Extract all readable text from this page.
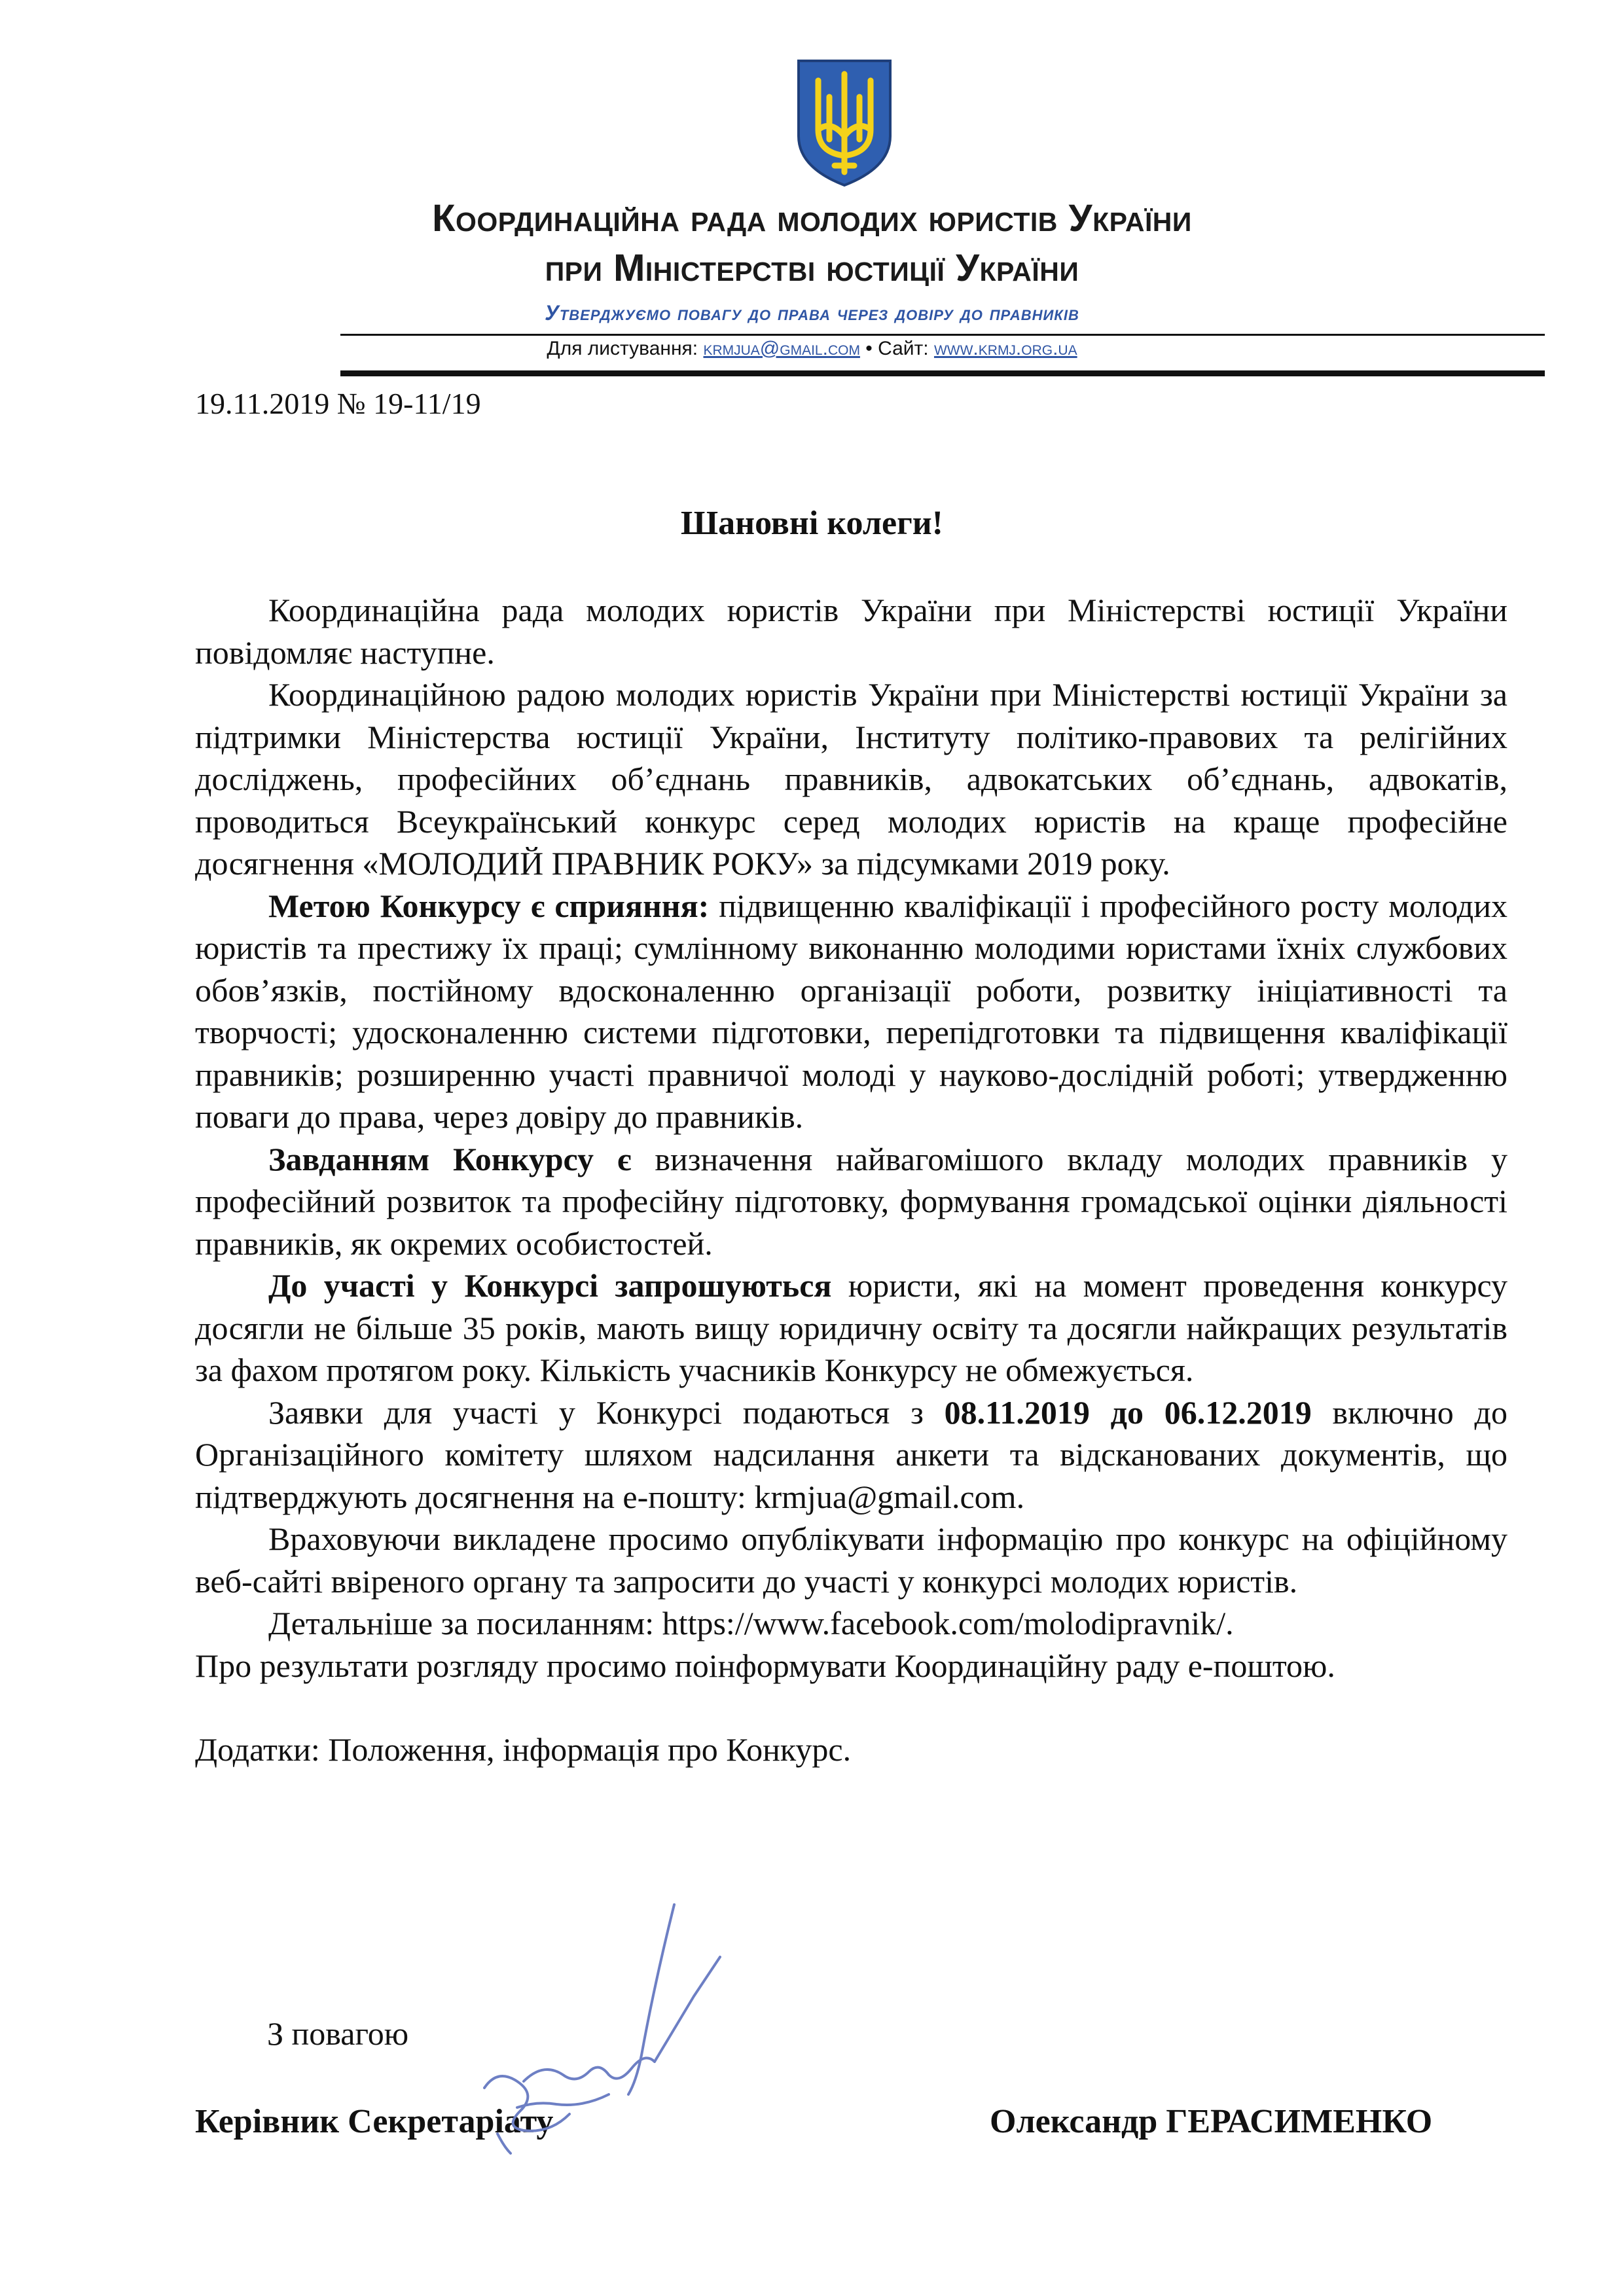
Координаційна рада молодих юристів України
при Міністерстві юстиції України
Утверджуємо повагу до права через довіру до правників
Для листування: krmjua@gmail.com • Сайт: www.krmj.org.ua
19.11.2019 № 19-11/19
Шановні колеги!

Координаційна рада молодих юристів України при Міністерстві юстиції України повідомляє наступне.

Координаційною радою молодих юристів України при Міністерстві юстиції України за підтримки Міністерства юстиції України, Інституту політико-правових та релігійних досліджень, професійних об’єднань правників, адвокатських об’єднань, адвокатів, проводиться Всеукраїнський конкурс серед молодих юристів на краще професійне досягнення «МОЛОДИЙ ПРАВНИК РОКУ» за підсумками 2019 року.

Метою Конкурсу є сприяння: підвищенню кваліфікації і професійного росту молодих юристів та престижу їх праці; сумлінному виконанню молодими юристами їхніх службових обов’язків, постійному вдосконаленню організації роботи, розвитку ініціативності та творчості; удосконаленню системи підготовки, перепідготовки та підвищення кваліфікації правників; розширенню участі правничої молоді у науково-дослідній роботі; утвердженню поваги до права, через довіру до правників.

Завданням Конкурсу є визначення найвагомішого вкладу молодих правників у професійний розвиток та професійну підготовку, формування громадської оцінки діяльності правників, як окремих особистостей.

До участі у Конкурсі запрошуються юристи, які на момент проведення конкурсу досягли не більше 35 років, мають вищу юридичну освіту та досягли найкращих результатів за фахом протягом року. Кількість учасників Конкурсу не обмежується.

Заявки для участі у Конкурсі подаються з 08.11.2019 до 06.12.2019 включно до Організаційного комітету шляхом надсилання анкети та відсканованих документів, що підтверджують досягнення на е-пошту: krmjua@gmail.com.

Враховуючи викладене просимо опублікувати інформацію про конкурс на офіційному веб-сайті ввіреного органу та запросити до участі у конкурсі молодих юристів.

Детальніше за посиланням: https://www.facebook.com/molodipravnik/.

Про результати розгляду просимо поінформувати Координаційну раду е-поштою.

Додатки: Положення, інформація про Конкурс.

З повагою
Керівник Секретаріату	Олександр ГЕРАСИМЕНКО
